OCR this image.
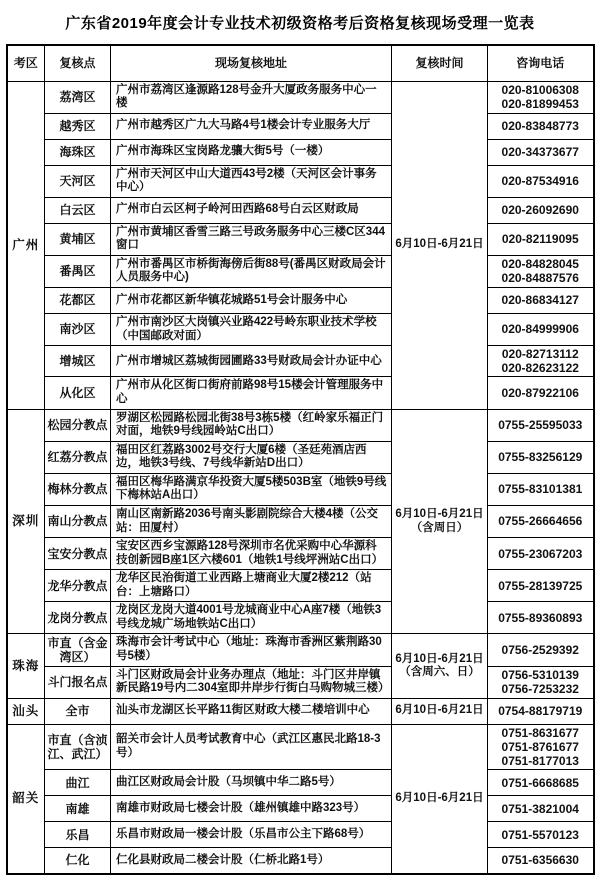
广东省2019年度会计专业技术初级资格考后资格复核现场受理一览表
考区	复核点	现场复核地址	复核时间	咨询电话
广州	荔湾区	广州市荔湾区逢源路128号金升大厦政务服务中心一楼	6月10日-6月21日	020-81006308
020-81899453

	越秀区	广州市越秀区广九大马路4号1楼会计专业服务大厅		020-83848773

	海珠区	广州市海珠区宝岗路龙骧大街5号（一楼）		020-34373677

	天河区	广州市天河区中山大道西43号2楼（天河区会计事务中心）		020-87534916

	白云区	广州市白云区柯子岭河田西路68号白云区财政局		020-26092690

	黄埔区	广州市黄埔区香雪三路三号政务服务中心三楼C区344窗口		020-82119095

	番禺区	广州市番禺区市桥街海傍后街88号(番禺区财政局会计人员服务中心)		020-84828045
020-84887576

	花都区	广州市花都区新华镇花城路51号会计服务中心		020-86834127

	南沙区	广州市南沙区大岗镇兴业路422号岭东职业技术学校（中国邮政对面）		020-84999906

	增城区	广州市增城区荔城街园圃路33号财政局会计办证中心		020-82713112
020-82623122

	从化区	广州市从化区街口街府前路98号15楼会计管理服务中心		020-87922106

深圳	松园分教点	罗湖区松园路松园北街38号3栋5楼（红岭家乐福正门对面，地铁9号线园岭站C出口）	6月10日-6月21日
（含周日）	0755-25595033

	红荔分教点	福田区红荔路3002号交行大厦6楼（圣廷苑酒店西边，地铁3号线、7号线华新站D出口）		0755-83256129

	梅林分教点	福田区梅华路满京华投资大厦5楼503B室（地铁9号线下梅林站A出口）		0755-83101381

	南山分教点	南山区南新路2036号南头影剧院综合大楼4楼（公交站：田厦村）		0755-26664656

	宝安分教点	宝安区西乡宝源路128号深圳市名优采购中心华源科技创新园B座1区六楼601（地铁1号线坪洲站C出口）		0755-23067203

	龙华分教点	龙华区民治街道工业西路上塘商业大厦2楼212（站台：上塘路口）		0755-28139725

	龙岗分教点	龙岗区龙岗大道4001号龙城商业中心A座7楼（地铁3号线龙城广场地铁站C出口）		0755-89360893

珠海	市直（含金湾区）	珠海市会计考试中心（地址：珠海市香洲区紫荆路30号5楼）	6月10日-6月21日
（含周六、日）	0756-2529392

	斗门报名点	斗门区财政局会计业务办理点（地址：斗门区井岸镇新民路19号内二304室即井岸步行街白马购物城三楼）		0756-5310139
0756-7253232

汕头	全市	汕头市龙湖区长平路11街区财政大楼二楼培训中心	6月10日-6月21日	0754-88179719

韶关	市直（含浈江、武江）	韶关市会计人员考试教育中心（武江区惠民北路18-3号）	6月10日-6月21日	0751-8631677
0751-8761677
0751-8177013

	曲江	曲江区财政局会计股（马坝镇中华二路5号）		0751-6668685

	南雄	南雄市财政局七楼会计股（雄州镇雄中路323号）		0751-3821004

	乐昌	乐昌市财政局一楼会计股（乐昌市公主下路68号）		0751-5570123

	仁化	仁化县财政局二楼会计股（仁桥北路1号）		0751-6356630
